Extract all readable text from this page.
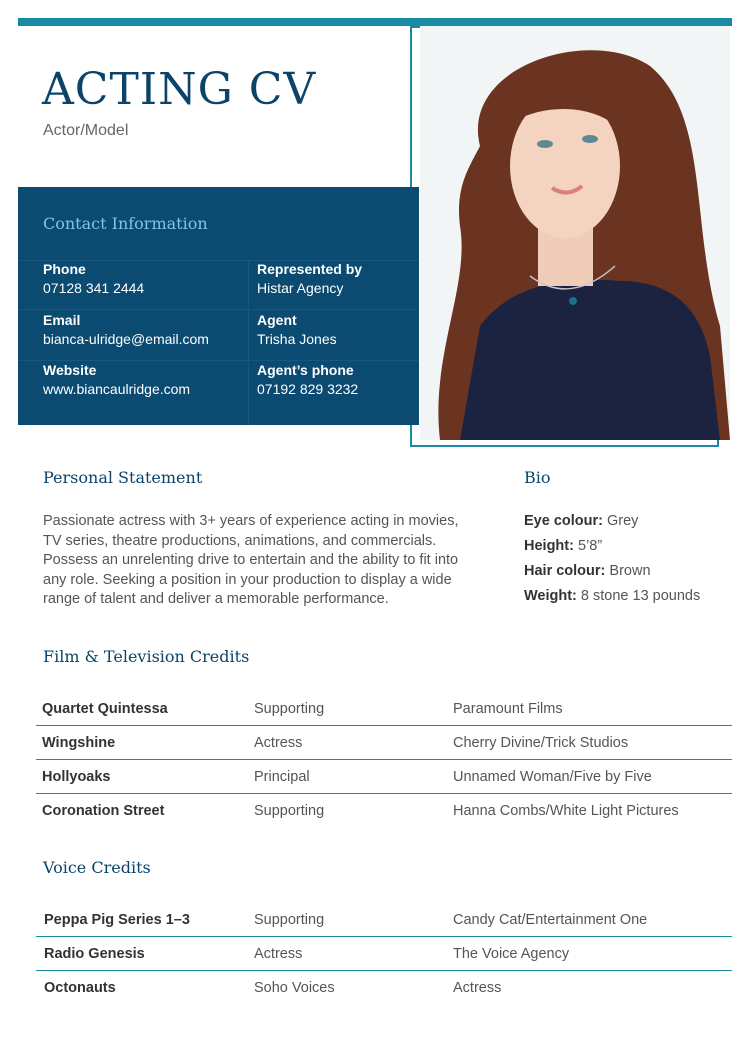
ACTING CV
Actor/Model
Contact Information
Phone
07128 341 2444
Email
bianca-ulridge@email.com
Website
www.biancaulridge.com
Represented by
Histar Agency
Agent
Trisha Jones
Agent’s phone
07192 829 3232
Personal Statement

Passionate actress with 3+ years of experience acting in movies, TV series, theatre productions, animations, and commercials. Possess an unrelenting drive to entertain and the ability to fit into any role. Seeking a position in your production to display a wide range of talent and deliver a memorable performance.

Bio
Eye colour: Grey
Height: 5’8”
Hair colour: Brown
Weight: 8 stone 13 pounds
Film & Television Credits
Quartet Quintessa	Supporting	Paramount Films
Wingshine	Actress	Cherry Divine/Trick Studios
Hollyoaks	Principal	Unnamed Woman/Five by Five
Coronation Street	Supporting	Hanna Combs/White Light Pictures
Voice Credits
Peppa Pig Series 1–3	Supporting	Candy Cat/Entertainment One
Radio Genesis	Actress	The Voice Agency
Octonauts	Soho Voices	Actress
